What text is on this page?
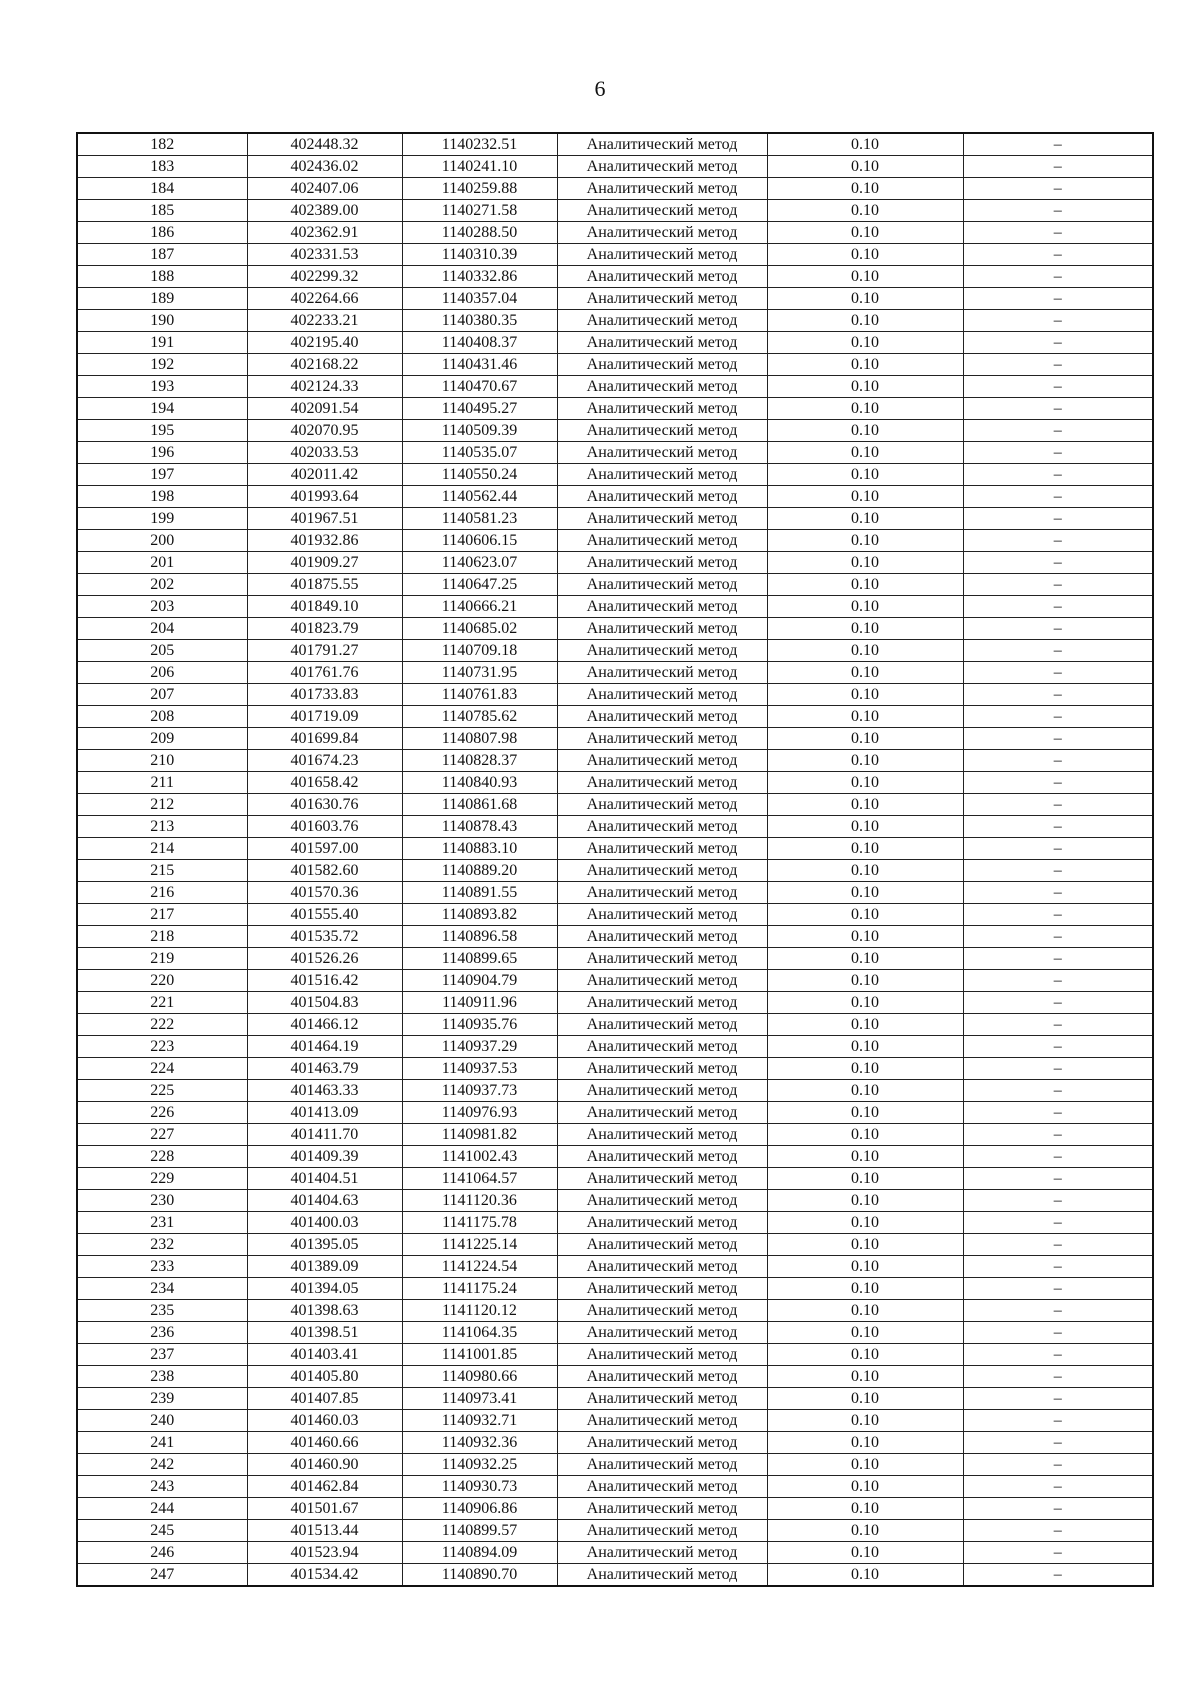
6
182	402448.32	1140232.51	Аналитический метод	0.10	–
183	402436.02	1140241.10	Аналитический метод	0.10	–
184	402407.06	1140259.88	Аналитический метод	0.10	–
185	402389.00	1140271.58	Аналитический метод	0.10	–
186	402362.91	1140288.50	Аналитический метод	0.10	–
187	402331.53	1140310.39	Аналитический метод	0.10	–
188	402299.32	1140332.86	Аналитический метод	0.10	–
189	402264.66	1140357.04	Аналитический метод	0.10	–
190	402233.21	1140380.35	Аналитический метод	0.10	–
191	402195.40	1140408.37	Аналитический метод	0.10	–
192	402168.22	1140431.46	Аналитический метод	0.10	–
193	402124.33	1140470.67	Аналитический метод	0.10	–
194	402091.54	1140495.27	Аналитический метод	0.10	–
195	402070.95	1140509.39	Аналитический метод	0.10	–
196	402033.53	1140535.07	Аналитический метод	0.10	–
197	402011.42	1140550.24	Аналитический метод	0.10	–
198	401993.64	1140562.44	Аналитический метод	0.10	–
199	401967.51	1140581.23	Аналитический метод	0.10	–
200	401932.86	1140606.15	Аналитический метод	0.10	–
201	401909.27	1140623.07	Аналитический метод	0.10	–
202	401875.55	1140647.25	Аналитический метод	0.10	–
203	401849.10	1140666.21	Аналитический метод	0.10	–
204	401823.79	1140685.02	Аналитический метод	0.10	–
205	401791.27	1140709.18	Аналитический метод	0.10	–
206	401761.76	1140731.95	Аналитический метод	0.10	–
207	401733.83	1140761.83	Аналитический метод	0.10	–
208	401719.09	1140785.62	Аналитический метод	0.10	–
209	401699.84	1140807.98	Аналитический метод	0.10	–
210	401674.23	1140828.37	Аналитический метод	0.10	–
211	401658.42	1140840.93	Аналитический метод	0.10	–
212	401630.76	1140861.68	Аналитический метод	0.10	–
213	401603.76	1140878.43	Аналитический метод	0.10	–
214	401597.00	1140883.10	Аналитический метод	0.10	–
215	401582.60	1140889.20	Аналитический метод	0.10	–
216	401570.36	1140891.55	Аналитический метод	0.10	–
217	401555.40	1140893.82	Аналитический метод	0.10	–
218	401535.72	1140896.58	Аналитический метод	0.10	–
219	401526.26	1140899.65	Аналитический метод	0.10	–
220	401516.42	1140904.79	Аналитический метод	0.10	–
221	401504.83	1140911.96	Аналитический метод	0.10	–
222	401466.12	1140935.76	Аналитический метод	0.10	–
223	401464.19	1140937.29	Аналитический метод	0.10	–
224	401463.79	1140937.53	Аналитический метод	0.10	–
225	401463.33	1140937.73	Аналитический метод	0.10	–
226	401413.09	1140976.93	Аналитический метод	0.10	–
227	401411.70	1140981.82	Аналитический метод	0.10	–
228	401409.39	1141002.43	Аналитический метод	0.10	–
229	401404.51	1141064.57	Аналитический метод	0.10	–
230	401404.63	1141120.36	Аналитический метод	0.10	–
231	401400.03	1141175.78	Аналитический метод	0.10	–
232	401395.05	1141225.14	Аналитический метод	0.10	–
233	401389.09	1141224.54	Аналитический метод	0.10	–
234	401394.05	1141175.24	Аналитический метод	0.10	–
235	401398.63	1141120.12	Аналитический метод	0.10	–
236	401398.51	1141064.35	Аналитический метод	0.10	–
237	401403.41	1141001.85	Аналитический метод	0.10	–
238	401405.80	1140980.66	Аналитический метод	0.10	–
239	401407.85	1140973.41	Аналитический метод	0.10	–
240	401460.03	1140932.71	Аналитический метод	0.10	–
241	401460.66	1140932.36	Аналитический метод	0.10	–
242	401460.90	1140932.25	Аналитический метод	0.10	–
243	401462.84	1140930.73	Аналитический метод	0.10	–
244	401501.67	1140906.86	Аналитический метод	0.10	–
245	401513.44	1140899.57	Аналитический метод	0.10	–
246	401523.94	1140894.09	Аналитический метод	0.10	–
247	401534.42	1140890.70	Аналитический метод	0.10	–
